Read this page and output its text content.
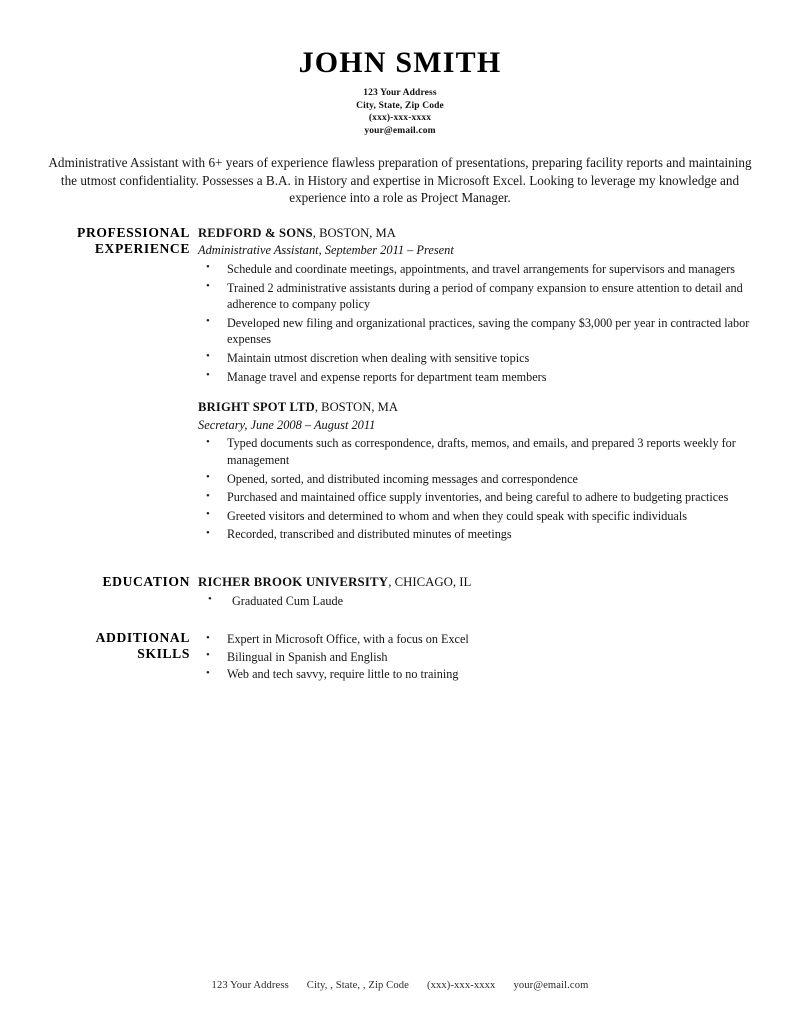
JOHN SMITH
123 Your Address
City, State, Zip Code
(xxx)-xxx-xxxx
your@email.com
Administrative Assistant with 6+ years of experience flawless preparation of presentations, preparing facility reports and maintaining the utmost confidentiality. Possesses a B.A. in History and expertise in Microsoft Excel. Looking to leverage my knowledge and experience into a role as Project Manager.
PROFESSIONAL
EXPERIENCE
REDFORD & SONS, BOSTON, MA
Administrative Assistant, September 2011 – Present
• Schedule and coordinate meetings, appointments, and travel arrangements for supervisors and managers
• Trained 2 administrative assistants during a period of company expansion to ensure attention to detail and adherence to company policy
• Developed new filing and organizational practices, saving the company $3,000 per year in contracted labor expenses
• Maintain utmost discretion when dealing with sensitive topics
• Manage travel and expense reports for department team members
BRIGHT SPOT LTD, BOSTON, MA
Secretary, June 2008 – August 2011
• Typed documents such as correspondence, drafts, memos, and emails, and prepared 3 reports weekly for management
• Opened, sorted, and distributed incoming messages and correspondence
• Purchased and maintained office supply inventories, and being careful to adhere to budgeting practices
• Greeted visitors and determined to whom and when they could speak with specific individuals
• Recorded, transcribed and distributed minutes of meetings
EDUCATION RICHER BROOK UNIVERSITY, CHICAGO, IL
• Graduated Cum Laude
ADDITIONAL
SKILLS
• Expert in Microsoft Office, with a focus on Excel
• Bilingual in Spanish and English
• Web and tech savvy, require little to no training
123 Your Address City, , State, , Zip Code (xxx)-xxx-xxxx your@email.com
